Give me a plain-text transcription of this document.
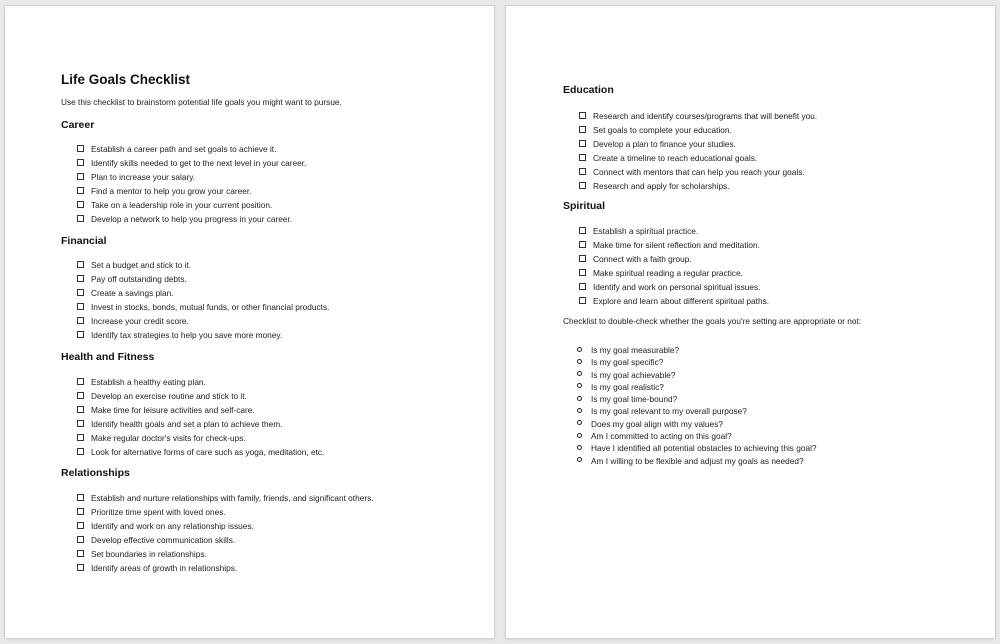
Life Goals Checklist
Use this checklist to brainstorm potential life goals you might want to pursue.
Career
Establish a career path and set goals to achieve it.
Identify skills needed to get to the next level in your career.
Plan to increase your salary.
Find a mentor to help you grow your career.
Take on a leadership role in your current position.
Develop a network to help you progress in your career.
Financial
Set a budget and stick to it.
Pay off outstanding debts.
Create a savings plan.
Invest in stocks, bonds, mutual funds, or other financial products.
Increase your credit score.
Identify tax strategies to help you save more money.
Health and Fitness
Establish a healthy eating plan.
Develop an exercise routine and stick to it.
Make time for leisure activities and self-care.
Identify health goals and set a plan to achieve them.
Make regular doctor's visits for check-ups.
Look for alternative forms of care such as yoga, meditation, etc.
Relationships
Establish and nurture relationships with family, friends, and significant others.
Prioritize time spent with loved ones.
Identify and work on any relationship issues.
Develop effective communication skills.
Set boundaries in relationships.
Identify areas of growth in relationships.
Education
Research and identify courses/programs that will benefit you.
Set goals to complete your education.
Develop a plan to finance your studies.
Create a timeline to reach educational goals.
Connect with mentors that can help you reach your goals.
Research and apply for scholarships.
Spiritual
Establish a spiritual practice.
Make time for silent reflection and meditation.
Connect with a faith group.
Make spiritual reading a regular practice.
Identify and work on personal spiritual issues.
Explore and learn about different spiritual paths.
Checklist to double-check whether the goals you're setting are appropriate or not:
Is my goal measurable?
Is my goal specific?
Is my goal achievable?
Is my goal realistic?
Is my goal time-bound?
Is my goal relevant to my overall purpose?
Does my goal align with my values?
Am I committed to acting on this goal?
Have I identified all potential obstacles to achieving this goal?
Am I willing to be flexible and adjust my goals as needed?
